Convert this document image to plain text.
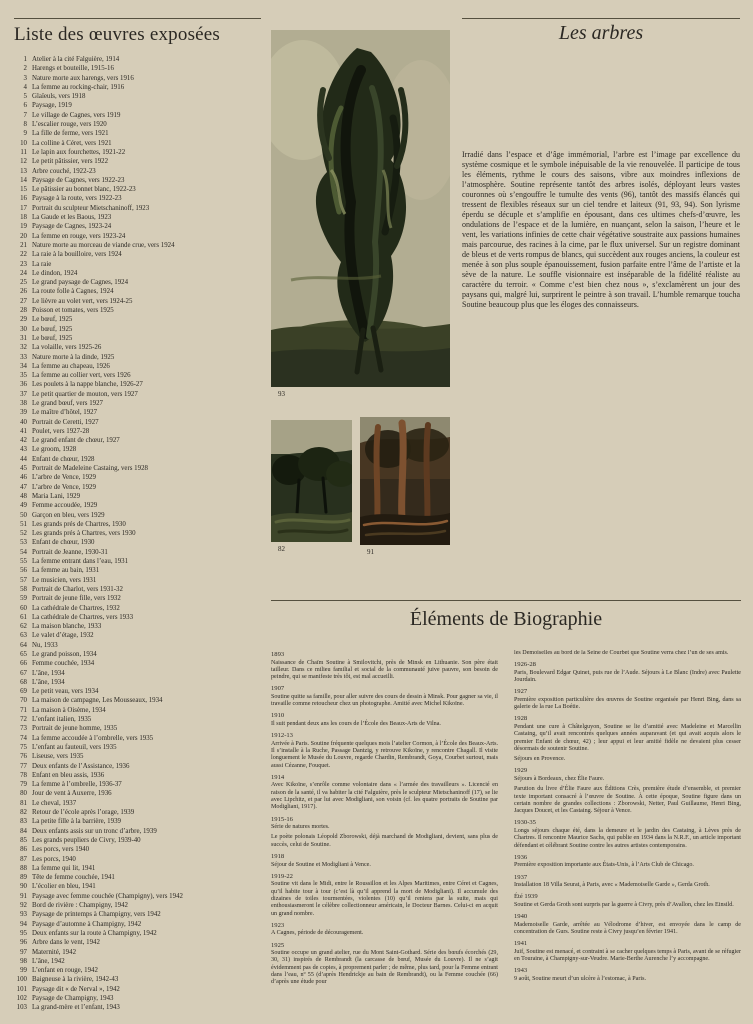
Liste des œuvres exposées
1 Atelier à la cité Falguière, 1914
2 Harengs et bouteille, 1915-16
3 Nature morte aux harengs, vers 1916
4 La femme au rocking-chair, 1916
5 Glaïeuls, vers 1918
6 Paysage, 1919
7 Le village de Cagnes, vers 1919
8 L’escalier rouge, vers 1920
9 La fille de ferme, vers 1921
10 La colline à Céret, vers 1921
11 Le lapin aux fourchettes, 1921-22
12 Le petit pâtissier, vers 1922
13 Arbre couché, 1922-23
14 Paysage de Cagnes, vers 1922-23
15 Le pâtissier au bonnet blanc, 1922-23
16 Paysage à la route, vers 1922-23
17 Portrait du sculpteur Mietschaninoff, 1923
18 La Gaude et les Baous, 1923
19 Paysage de Cagnes, 1923-24
20 La femme en rouge, vers 1923-24
21 Nature morte au morceau de viande crue, vers 1924
22 La raie à la bouilloire, vers 1924
23 La raie
24 Le dindon, 1924
25 Le grand paysage de Cagnes, 1924
26 La route folle à Cagnes, 1924
27 Le lièvre au volet vert, vers 1924-25
28 Poisson et tomates, vers 1925
29 Le bœuf, 1925
30 Le bœuf, 1925
31 Le bœuf, 1925
32 La volaille, vers 1925-26
33 Nature morte à la dinde, 1925
34 La femme au chapeau, 1926
35 La femme au collier vert, vers 1926
36 Les poulets à la nappe blanche, 1926-27
37 Le petit quartier de mouton, vers 1927
38 Le grand bœuf, vers 1927
39 Le maître d’hôtel, 1927
40 Portrait de Ceretti, 1927
41 Poulet, vers 1927-28
42 Le grand enfant de chœur, 1927
43 Le groom, 1928
44 Enfant de chœur, 1928
45 Portrait de Madeleine Castaing, vers 1928
46 L’arbre de Vence, 1929
47 L’arbre de Vence, 1929
48 Maria Lani, 1929
49 Femme accoudée, 1929
50 Garçon en bleu, vers 1929
51 Les grands prés de Chartres, 1930
52 Les grands prés à Chartres, vers 1930
53 Enfant de chœur, 1930
54 Portrait de Jeanne, 1930-31
55 La femme entrant dans l’eau, 1931
56 La femme au bain, 1931
57 Le musicien, vers 1931
58 Portrait de Charlot, vers 1931-32
59 Portrait de jeune fille, vers 1932
60 La cathédrale de Chartres, 1932
61 La cathédrale de Chartres, vers 1933
62 La maison blanche, 1933
63 Le valet d’étage, 1932
64 Nu, 1933
65 Le grand poisson, 1934
66 Femme couchée, 1934
67 L’âne, 1934
68 L’âne, 1934
69 Le petit veau, vers 1934
70 La maison de campagne, Les Mousseaux, 1934
71 La maison à Oisème, 1934
72 L’enfant italien, 1935
73 Portrait de jeune homme, 1935
74 La femme accoudée à l’ombrelle, vers 1935
75 L’enfant au fauteuil, vers 1935
76 Liseuse, vers 1935
77 Deux enfants de l’Assistance, 1936
78 Enfant en bleu assis, 1936
79 La femme à l’ombrelle, 1936-37
80 Jour de vent à Auxerre, 1936
81 Le cheval, 1937
82 Retour de l’école après l’orage, 1939
83 La petite fille à la barrière, 1939
84 Deux enfants assis sur un tronc d’arbre, 1939
85 Les grands peupliers de Civry, 1939-40
86 Les porcs, vers 1940
87 Les porcs, 1940
88 La femme qui lit, 1941
89 Tête de femme couchée, 1941
90 L’écolier en bleu, 1941
91 Paysage avec femme couchée (Champigny), vers 1942
92 Bord de rivière : Champigny, 1942
93 Paysage de printemps à Champigny, vers 1942
94 Paysage d’automne à Champigny, 1942
95 Deux enfants sur la route à Champigny, 1942
96 Arbre dans le vent, 1942
97 Maternité, 1942
98 L’âne, 1942
99 L’enfant en rouge, 1942
100 Baigneuse à la rivière, 1942-43
101 Paysage dit « de Nerval », 1942
102 Paysage de Champigny, 1943
103 La grand-mère et l’enfant, 1943
93
82	91
Les arbres
Irradié dans l’espace et d’âge immémorial, l’arbre est l’image par excellence du système cosmique et le symbole inépuisable de la vie renouvelée. Il participe de tous les éléments, rythme le cours des saisons, vibre aux moindres inflexions de l’atmosphère. Soutine représente tantôt des arbres isolés, déployant leurs vastes couronnes où s’engouffre le tumulte des vents (96), tantôt des massifs élancés qui tressent de flexibles réseaux sur un ciel tendre et laiteux (91, 93, 94). Son lyrisme éperdu se décuple et s’amplifie en épousant, dans ces ultimes chefs-d’œuvre, les ondulations de l’espace et de la lumière, en nuançant, selon la saison, l’heure et le vent, les variations infinies de cette chair végétative soustraite aux passions humaines mais parcourue, des racines à la cime, par le flux universel. Sur un registre dominant de bleus et de verts rompus de blancs, qui succèdent aux rouges anciens, la couleur est menée à son plus souple épanouissement, fusion parfaite entre l’âme de l’artiste et la sève de la nature. Le souffle visionnaire est inséparable de la fidélité réaliste au caractère du terroir. « Comme c’est bien chez nous », s’exclamèrent un jour des paysans qui, malgré lui, surprirent le peintre à son travail. L’humble remarque toucha Soutine beaucoup plus que les éloges des connaisseurs.
Éléments de Biographie
1893
Naissance de Chaïm Soutine à Smilovitchi, près de Minsk en Lithuanie. Son père était tailleur. Dans ce milieu familial et social de la communauté juive pauvre, son besoin de peindre, qui se manifeste très tôt, est mal accueilli.
1907
Soutine quitte sa famille, pour aller suivre des cours de dessin à Minsk. Pour gagner sa vie, il travaille comme retoucheur chez un photographe. Amitié avec Michel Kikoïne.
1910
Il suit pendant deux ans les cours de l’École des Beaux-Arts de Vilna.
1912-13
Arrivée à Paris. Soutine fréquente quelques mois l’atelier Cormon, à l’École des Beaux-Arts. Il s’installe à la Ruche, Passage Dantzig, y retrouve Kikoïne, y rencontre Chagall. Il visite longuement le Musée du Louvre, regarde Chardin, Rembrandt, Goya, Courbet surtout, mais aussi Cézanne, Fouquet.
1914
Avec Kikoïne, s’enrôle comme volontaire dans « l’armée des travailleurs ». Licencié en raison de la santé, il va habiter la cité Falguière, près le sculpteur Mietschaninoff (17), se lie avec Lipchitz, et par lui avec Modigliani, son voisin (cf. les quatre portraits de Soutine par Modigliani, 1917).
1915-16
Série de natures mortes.
Le poète polonais Léopold Zborowski, déjà marchand de Modigliani, devient, sans plus de succès, celui de Soutine.
1918
Séjour de Soutine et Modigliani à Vence.
1919-22
Soutine vit dans le Midi, entre le Roussillon et les Alpes Maritimes, entre Céret et Cagnes, qu’il habite tour à tour (c’est là qu’il apprend la mort de Modigliani). Il accumule des dizaines de toiles tourmentées, violentes (10) qu’il reniera par la suite, mais qui enthousiasmeront le célèbre collectionneur américain, le Docteur Barnes. Celui-ci en acquit un grand nombre.
1923
A Cagnes, période de découragement.
1925
Soutine occupe un grand atelier, rue du Mont Saint-Gothard. Série des bœufs écorchés (29, 30, 31) inspirés de Rembrandt (la carcasse de bœuf, Musée du Louvre). Il ne s’agit évidemment pas de copies, à proprement parler ; de même, plus tard, pour la Femme entrant dans l’eau, nº 55 (d’après Hendrickje au bain de Rembrandt), ou la Femme couchée (66) d’après une étude pour
les Demoiselles au bord de la Seine de Courbet que Soutine verra chez l’un de ses amis.
1926-28
Paris, Boulevard Edgar Quinet, puis rue de l’Aude. Séjours à Le Blanc (Indre) avec Paulette Jourdain.
1927
Première exposition particulière des œuvres de Soutine organisée par Henri Bing, dans sa galerie de la rue La Boétie.
1928
Pendant une cure à Châtelguyon, Soutine se lie d’amitié avec Madeleine et Marcellin Castaing, qu’il avait rencontrés quelques années auparavant (et qui avait acquis alors le premier Enfant de chœur, 42) ; leur appui et leur amitié fidèle ne devaient plus cesser désormais de soutenir Soutine.
Séjours en Provence.
1929
Séjours à Bordeaux, chez Élie Faure.
Parution du livre d’Élie Faure aux Éditions Crès, première étude d’ensemble, et premier texte important consacré à l’œuvre de Soutine. À cette époque, Soutine figure dans un certain nombre de grandes collections : Zborowski, Netter, Paul Guillaume, Henri Bing, Jacques Doucet, et les Castaing. Séjour à Vence.
1930-35
Longs séjours chaque été, dans la demeure et le jardin des Castaing, à Lèves près de Chartres. Il rencontre Maurice Sachs, qui publie en 1934 dans la N.R.F., un article important défendant et célébrant Soutine contre les autres artistes contemporains.
1936
Première exposition importante aux États-Unis, à l’Arts Club de Chicago.
1937
Installation 18 Villa Seurat, à Paris, avec « Mademoiselle Garde », Gerda Groth.
Été 1939
Soutine et Gerda Groth sont surpris par la guerre à Civry, près d’Avallon, chez les Einsild.
1940
Mademoiselle Garde, arrêtée au Vélodrome d’hiver, est envoyée dans le camp de concentration de Gurs. Soutine reste à Civry jusqu’en février 1941.
1941
Juif, Soutine est menacé, et contraint à se cacher quelques temps à Paris, avant de se réfugier en Touraine, à Champigny-sur-Veudre. Marie-Berthe Aurenche l’y accompagne.
1943
9 août, Soutine meurt d’un ulcère à l’estomac, à Paris.
